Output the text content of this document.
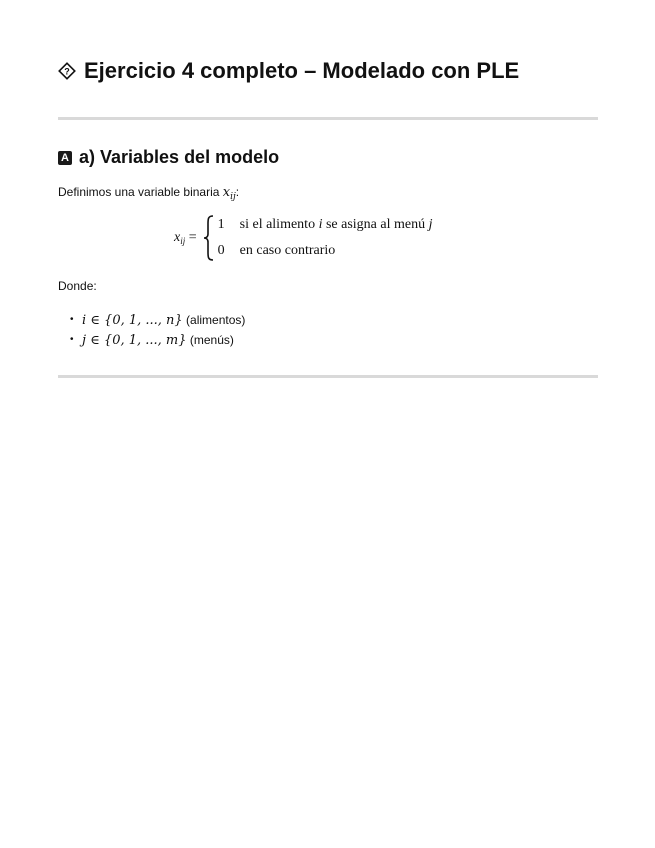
? Ejercicio 4 completo – Modelado con PLE
A a) Variables del modelo
Definimos una variable binaria $x_{ij}$:
$x_{ij}$ =
1	si el alimento
i
se asigna al menú
j
0	en caso contrario
Donde:
• i ∈ {0, 1, ..., n} (alimentos)
• j ∈ {0, 1, ..., m} (menús)
